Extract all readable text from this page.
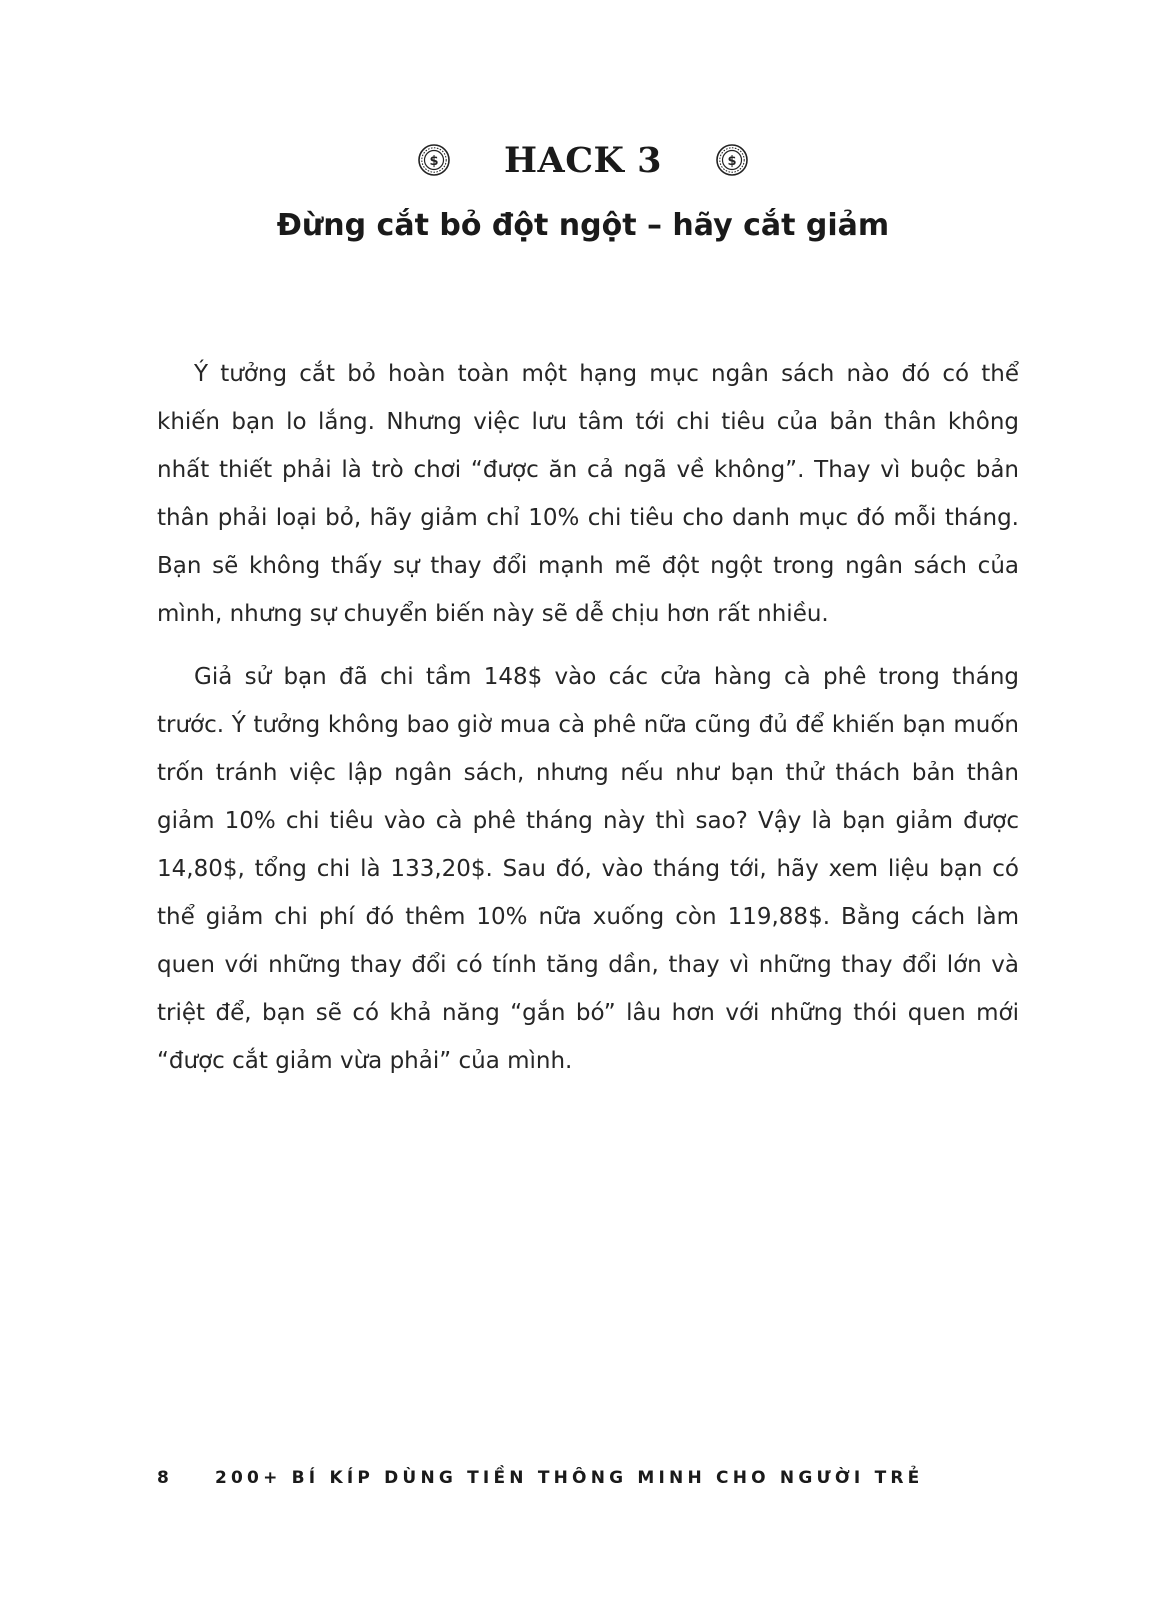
$ HACK 3	$
Đừng cắt bỏ đột ngột – hãy cắt giảm

Ý tưởng cắt bỏ hoàn toàn một hạng mục ngân sách nào đó có thể khiến bạn lo lắng. Nhưng việc lưu tâm tới chi tiêu của bản thân không nhất thiết phải là trò chơi “được ăn cả ngã về không”. Thay vì buộc bản thân phải loại bỏ, hãy giảm chỉ 10% chi tiêu cho danh mục đó mỗi tháng. Bạn sẽ không thấy sự thay đổi mạnh mẽ đột ngột trong ngân sách của mình, nhưng sự chuyển biến này sẽ dễ chịu hơn rất nhiều.

Giả sử bạn đã chi tầm 148$ vào các cửa hàng cà phê trong tháng trước. Ý tưởng không bao giờ mua cà phê nữa cũng đủ để khiến bạn muốn trốn tránh việc lập ngân sách, nhưng nếu như bạn thử thách bản thân giảm 10% chi tiêu vào cà phê tháng này thì sao? Vậy là bạn giảm được 14,80$, tổng chi là 133,20$. Sau đó, vào tháng tới, hãy xem liệu bạn có thể giảm chi phí đó thêm 10% nữa xuống còn 119,88$. Bằng cách làm quen với những thay đổi có tính tăng dần, thay vì những thay đổi lớn và triệt để, bạn sẽ có khả năng “gắn bó” lâu hơn với những thói quen mới “được cắt giảm vừa phải” của mình.

8	200+ BÍ KÍP DÙNG TIỀN THÔNG MINH CHO NGƯỜI TRẺ
